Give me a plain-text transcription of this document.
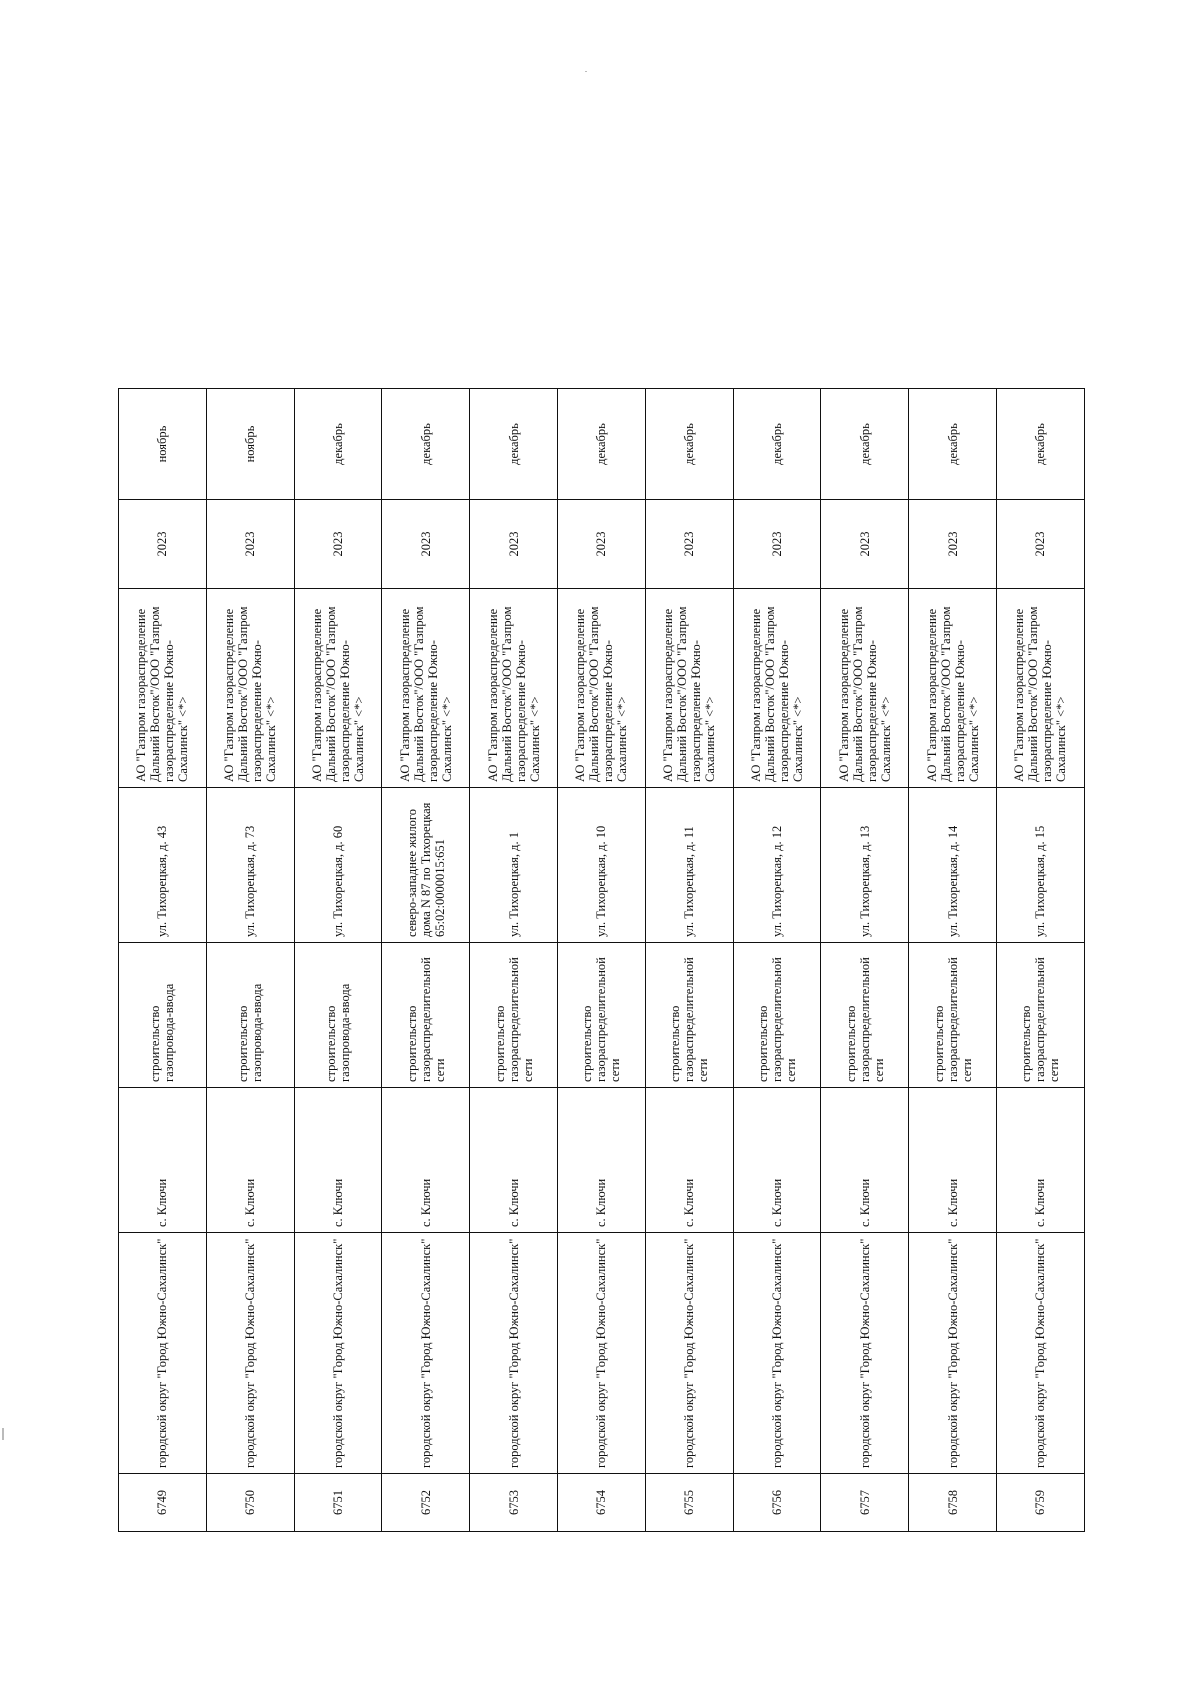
6749	городской округ "Город Южно-Сахалинск"	с. Ключи	строительство газопровода-ввода	ул. Тихорецкая, д. 43	АО "Газпром газораспределение Дальний Восток"/ООО "Газпром газораспределение Южно-Сахалинск" <*>	2023	ноябрь
6750	городской округ "Город Южно-Сахалинск"	с. Ключи	строительство газопровода-ввода	ул. Тихорецкая, д. 73	АО "Газпром газораспределение Дальний Восток"/ООО "Газпром газораспределение Южно-Сахалинск" <*>	2023	ноябрь
6751	городской округ "Город Южно-Сахалинск"	с. Ключи	строительство газопровода-ввода	ул. Тихорецкая, д. 60	АО "Газпром газораспределение Дальний Восток"/ООО "Газпром газораспределение Южно-Сахалинск" <*>	2023	декабрь
6752	городской округ "Город Южно-Сахалинск"	с. Ключи	строительство газораспределительной сети	северо-западнее жилого дома N 87 по Тихорецкая 65:02:0000015:651	АО "Газпром газораспределение Дальний Восток"/ООО "Газпром газораспределение Южно-Сахалинск" <*>	2023	декабрь
6753	городской округ "Город Южно-Сахалинск"	с. Ключи	строительство газораспределительной сети	ул. Тихорецкая, д. 1	АО "Газпром газораспределение Дальний Восток"/ООО "Газпром газораспределение Южно-Сахалинск" <*>	2023	декабрь
6754	городской округ "Город Южно-Сахалинск"	с. Ключи	строительство газораспределительной сети	ул. Тихорецкая, д. 10	АО "Газпром газораспределение Дальний Восток"/ООО "Газпром газораспределение Южно-Сахалинск" <*>	2023	декабрь
6755	городской округ "Город Южно-Сахалинск"	с. Ключи	строительство газораспределительной сети	ул. Тихорецкая, д. 11	АО "Газпром газораспределение Дальний Восток"/ООО "Газпром газораспределение Южно-Сахалинск" <*>	2023	декабрь
6756	городской округ "Город Южно-Сахалинск"	с. Ключи	строительство газораспределительной сети	ул. Тихорецкая, д. 12	АО "Газпром газораспределение Дальний Восток"/ООО "Газпром газораспределение Южно-Сахалинск" <*>	2023	декабрь
6757	городской округ "Город Южно-Сахалинск"	с. Ключи	строительство газораспределительной сети	ул. Тихорецкая, д. 13	АО "Газпром газораспределение Дальний Восток"/ООО "Газпром газораспределение Южно-Сахалинск" <*>	2023	декабрь
6758	городской округ "Город Южно-Сахалинск"	с. Ключи	строительство газораспределительной сети	ул. Тихорецкая, д. 14	АО "Газпром газораспределение Дальний Восток"/ООО "Газпром газораспределение Южно-Сахалинск" <*>	2023	декабрь
6759	городской округ "Город Южно-Сахалинск"	с. Ключи	строительство газораспределительной сети	ул. Тихорецкая, д. 15	АО "Газпром газораспределение Дальний Восток"/ООО "Газпром газораспределение Южно-Сахалинск" <*>	2023	декабрь
